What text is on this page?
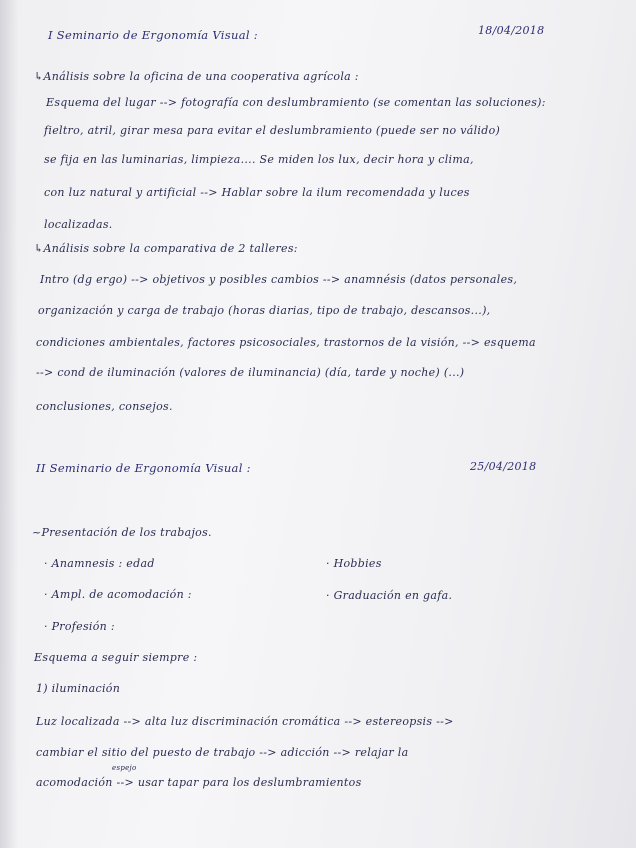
I Seminario de Ergonomía Visual :	18/04/2018

↳Análisis sobre la oficina de una cooperativa agrícola :

Esquema del lugar --> fotografía con deslumbramiento (se comentan las soluciones):

fieltro, atril, girar mesa para evitar el deslumbramiento (puede ser no válido)

se fija en las luminarias, limpieza.... Se miden los lux, decir hora y clima,

con luz natural y artificial --> Hablar sobre la ilum recomendada y luces

localizadas.

↳Análisis sobre la comparativa de 2 talleres:

Intro (dg ergo) --> objetivos y posibles cambios --> anamnésis (datos personales,

organización y carga de trabajo (horas diarias, tipo de trabajo, descansos...),

condiciones ambientales, factores psicosociales, trastornos de la visión, --> esquema

--> cond de iluminación (valores de iluminancia) (día, tarde y noche) (...)

conclusiones, consejos.

II Seminario de Ergonomía Visual :	25/04/2018

~Presentación de los trabajos.

· Anamnesis : edad	· Hobbies

· Ampl. de acomodación :	· Graduación en gafa.

· Profesión :

Esquema a seguir siempre :

1) iluminación

Luz localizada --> alta luz discriminación cromática --> estereopsis -->

cambiar el sitio del puesto de trabajo --> adicción --> relajar la

espejo

acomodación --> usar tapar para los deslumbramientos
